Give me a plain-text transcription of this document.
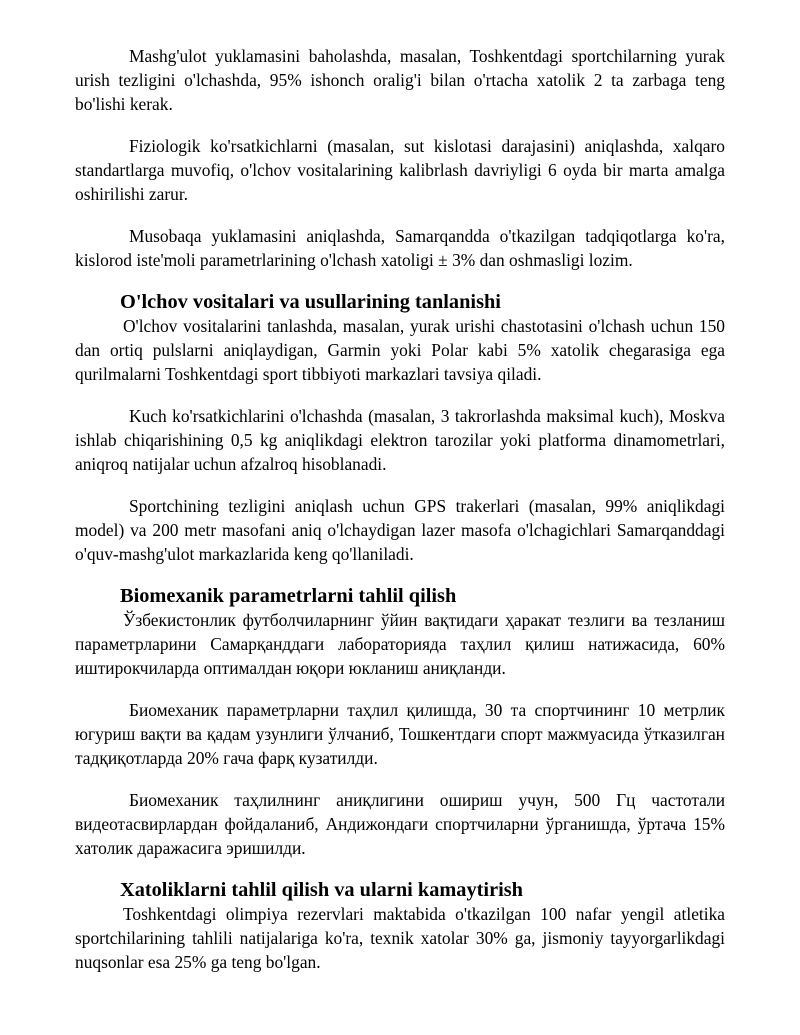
Mashg'ulot yuklamasini baholashda, masalan, Toshkentdagi sportchilarning yurak urish tezligini o'lchashda, 95% ishonch oralig'i bilan o'rtacha xatolik 2 ta zarbaga teng bo'lishi kerak.

Fiziologik ko'rsatkichlarni (masalan, sut kislotasi darajasini) aniqlashda, xalqaro standartlarga muvofiq, o'lchov vositalarining kalibrlash davriyligi 6 oyda bir marta amalga oshirilishi zarur.

Musobaqa yuklamasini aniqlashda, Samarqandda o'tkazilgan tadqiqotlarga ko'ra, kislorod iste'moli parametrlarining o'lchash xatoligi ± 3% dan oshmasligi lozim.

O'lchov vositalari va usullarining tanlanishi

O'lchov vositalarini tanlashda, masalan, yurak urishi chastotasini o'lchash uchun 150 dan ortiq pulslarni aniqlaydigan, Garmin yoki Polar kabi 5% xatolik chegarasiga ega qurilmalarni Toshkentdagi sport tibbiyoti markazlari tavsiya qiladi.

Kuch ko'rsatkichlarini o'lchashda (masalan, 3 takrorlashda maksimal kuch), Moskva ishlab chiqarishining 0,5 kg aniqlikdagi elektron tarozilar yoki platforma dinamometrlari, aniqroq natijalar uchun afzalroq hisoblanadi.

Sportchining tezligini aniqlash uchun GPS trakerlari (masalan, 99% aniqlikdagi model) va 200 metr masofani aniq o'lchaydigan lazer masofa o'lchagichlari Samarqanddagi o'quv-mashg'ulot markazlarida keng qo'llaniladi.

Biomexanik parametrlarni tahlil qilish

Ўзбекистонлик футболчиларнинг ўйин вақтидаги ҳаракат тезлиги ва тезланиш параметрларини Самарқанддаги лабораторияда таҳлил қилиш натижасида, 60% иштирокчиларда оптималдан юқори юкланиш аниқланди.

Биомеханик параметрларни таҳлил қилишда, 30 та спортчининг 10 метрлик югуриш вақти ва қадам узунлиги ўлчаниб, Тошкентдаги спорт мажмуасида ўтказилган тадқиқотларда 20% гача фарқ кузатилди.

Биомеханик таҳлилнинг аниқлигини ошириш учун, 500 Гц частотали видеотасвирлардан фойдаланиб, Андижондаги спортчиларни ўрганишда, ўртача 15% хатолик даражасига эришилди.

Xatoliklarni tahlil qilish va ularni kamaytirish

Toshkentdagi olimpiya rezervlari maktabida o'tkazilgan 100 nafar yengil atletika sportchilarining tahlili natijalariga ko'ra, texnik xatolar 30% ga, jismoniy tayyorgarlikdagi nuqsonlar esa 25% ga teng bo'lgan.
